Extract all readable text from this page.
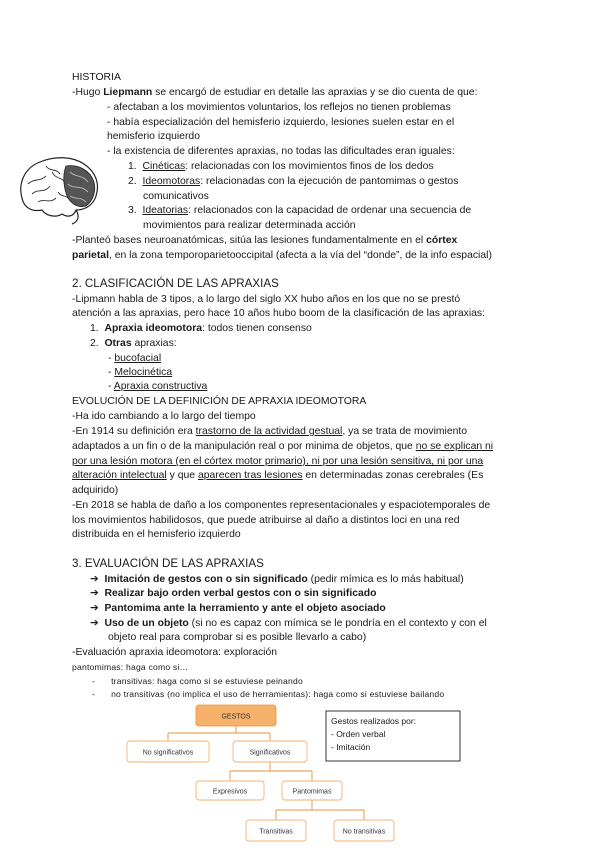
HISTORIA
-Hugo Liepmann se encargó de estudiar en detalle las apraxias y se dio cuenta de que:
- afectaban a los movimientos voluntarios, los reflejos no tienen problemas
- había especialización del hemisferio izquierdo, lesiones suelen estar en el
hemisferio izquierdo
- la existencia de diferentes apraxias, no todas las dificultades eran iguales:
1. Cinéticas: relacionadas con los movimientos finos de los dedos
2. Ideomotoras: relacionadas con la ejecución de pantomimas o gestos
comunicativos
3. Ideatorias: relacionados con la capacidad de ordenar una secuencia de
movimientos para realizar determinada acción
-Planteó bases neuroanatómicas, sitúa las lesiones fundamentalmente en el córtex
parietal, en la zona temporoparietooccipital (afecta a la vía del “donde”, de la info espacial)
2. CLASIFICACIÓN DE LAS APRAXIAS
-Lipmann habla de 3 tipos, a lo largo del siglo XX hubo años en los que no se prestó
atención a las apraxias, pero hace 10 años hubo boom de la clasificación de las apraxias:
1. Apraxia ideomotora: todos tienen consenso
2. Otras apraxias:
- bucofacial
- Melocinética
- Apraxia constructiva
EVOLUCIÓN DE LA DEFINICIÓN DE APRAXIA IDEOMOTORA
-Ha ido cambiando a lo largo del tiempo
-En 1914 su definición era trastorno de la actividad gestual, ya se trata de movimiento
adaptados a un fin o de la manipulación real o por minima de objetos, que no se explican ni
por una lesión motora (en el córtex motor primario), ni por una lesión sensitiva, ni por una
alteración intelectual y que aparecen tras lesiones en determinadas zonas cerebrales (Es
adquirido)
-En 2018 se habla de daño a los componentes representacionales y espaciotemporales de
los movimientos habilidosos, que puede atribuirse al daño a distintos loci en una red
distribuida en el hemisferio izquierdo
3. EVALUACIÓN DE LAS APRAXIAS
➔ Imitación de gestos con o sin significado (pedir mímica es lo más habitual)
➔ Realizar bajo orden verbal gestos con o sin significado
➔ Pantomima ante la herramiento y ante el objeto asociado
➔ Uso de un objeto (si no es capaz con mímica se le pondría en el contexto y con el
objeto real para comprobar si es posible llevarlo a cabo)
-Evaluación apraxia ideomotora: exploración
pantomimas: haga como si…
- transitivas: haga como si se estuviese peinando
- no transitivas (no implica el uso de herramientas): haga como si estuviese bailando
GESTOS
No significativos	Significativos
Expresivos	Pantomimas
Transitivas	No transitivas
Gestos realizados por:
- Orden verbal
- Imitación
